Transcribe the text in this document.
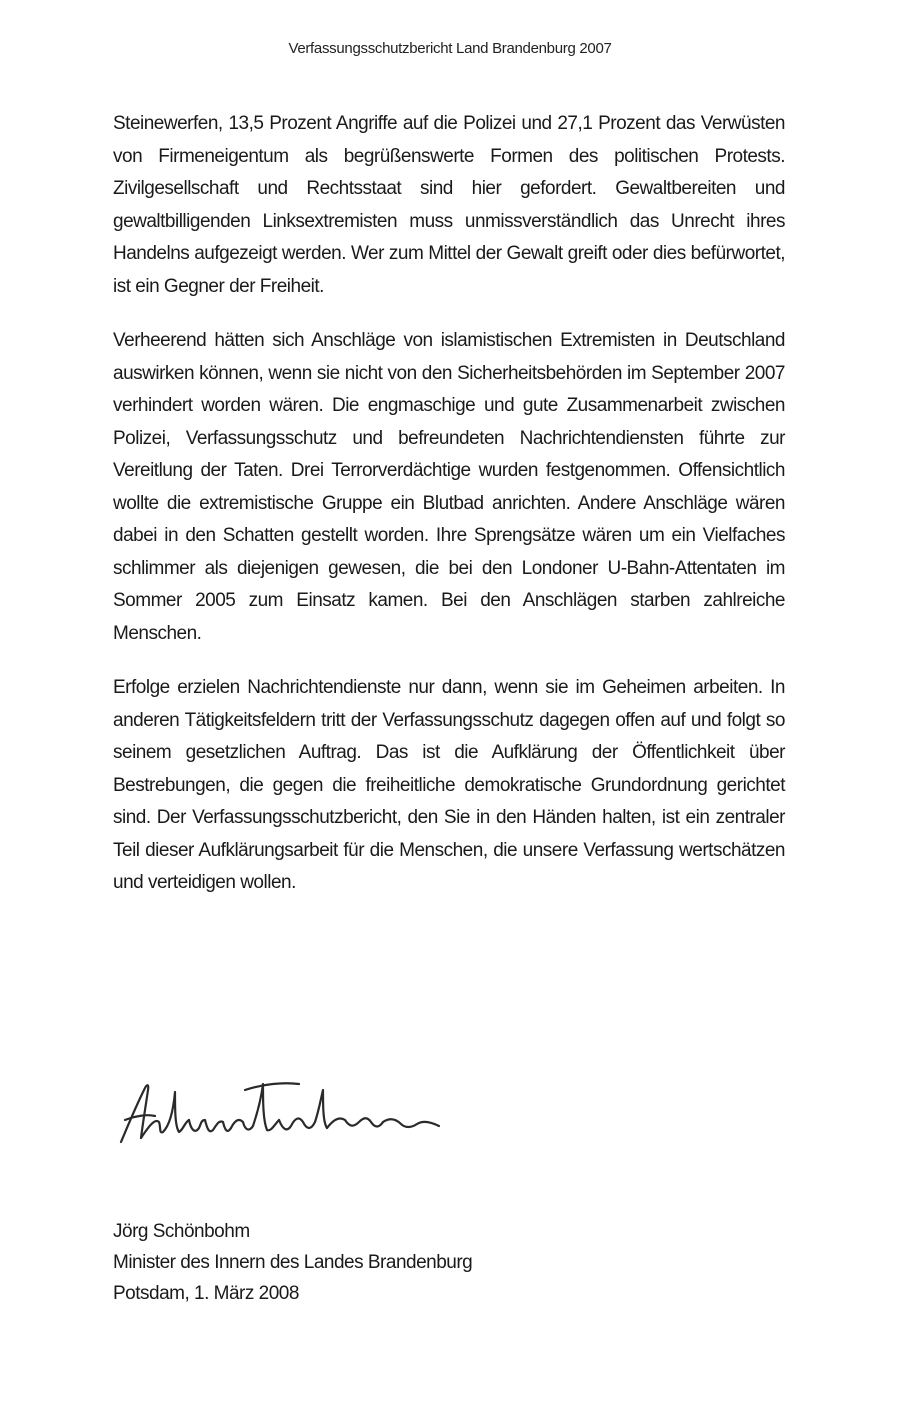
Verfassungsschutzbericht Land Brandenburg 2007

Steinewerfen, 13,5 Prozent Angriffe auf die Polizei und 27,1 Prozent das Verwüsten von Firmeneigentum als begrüßenswerte Formen des politischen Protests. Zivilgesellschaft und Rechtsstaat sind hier gefordert. Gewaltbereiten und gewaltbilligenden Linksextremisten muss unmissverständlich das Unrecht ihres Handelns aufgezeigt werden. Wer zum Mittel der Gewalt greift oder dies befürwortet, ist ein Gegner der Freiheit.

Verheerend hätten sich Anschläge von islamistischen Extremisten in Deutschland auswirken können, wenn sie nicht von den Sicherheitsbehörden im September 2007 verhindert worden wären. Die engmaschige und gute Zusammenarbeit zwischen Polizei, Verfassungsschutz und befreundeten Nachrichtendiensten führte zur Vereitlung der Taten. Drei Terrorverdächtige wurden festgenommen. Offensichtlich wollte die extremistische Gruppe ein Blutbad anrichten. Andere Anschläge wären dabei in den Schatten gestellt worden. Ihre Sprengsätze wären um ein Vielfaches schlimmer als diejenigen gewesen, die bei den Londoner U-Bahn-Attentaten im Sommer 2005 zum Einsatz kamen. Bei den Anschlägen starben zahlreiche Menschen.

Erfolge erzielen Nachrichtendienste nur dann, wenn sie im Geheimen arbeiten. In anderen Tätigkeitsfeldern tritt der Verfassungsschutz dagegen offen auf und folgt so seinem gesetzlichen Auftrag. Das ist die Aufklärung der Öffentlichkeit über Bestrebungen, die gegen die freiheitliche demokratische Grundordnung gerichtet sind. Der Verfassungsschutzbericht, den Sie in den Händen halten, ist ein zentraler Teil dieser Aufklärungsarbeit für die Menschen, die unsere Verfassung wertschätzen und verteidigen wollen.

Jörg Schönbohm
Minister des Innern des Landes Brandenburg
Potsdam, 1. März 2008
